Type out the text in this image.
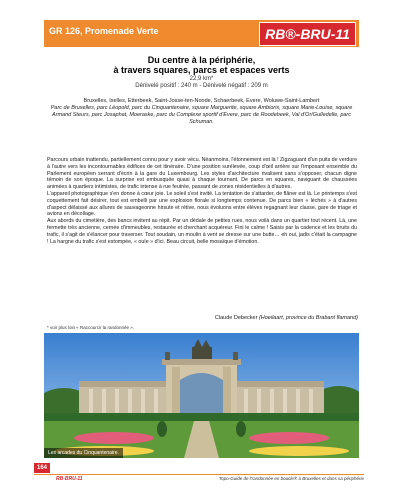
GR 126, Promenade Verte	RB®-BRU-11
Du centre à la périphérie,
à travers squares, parcs et espaces verts
22,9 km*
Dénivelé positif : 240 m - Dénivelé négatif : 209 m
Bruxelles, Ixelles, Etterbeek, Saint-Josse-ten-Noode, Schaerbeek, Evere, Woluwe-Saint-Lambert
Parc de Bruxelles, parc Léopold, parc du Cinquantenaire, square Marguerite, square Ambiorix, square Marie-Louise, square Armand Steurs, parc Josaphat, Moeraske, parc du Complexe sportif d'Evere, parc de Roodebeek, Val d'Or/Gulledelle, parc Schuman.

Parcours urbain inattendu, partiellement connu pour y avoir vécu. Néanmoins, l'étonnement est là ! Zigzaguant d'un puits de verdure à l'autre vers les incontournables édifices de cet itinéraire. D'une position surélevée, coup d'œil arrière sur l'imposant ensemble du Parlement européen serrant d'écrin à la gare du Luxembourg. Les styles d'architecture rivalisent sans s'opposer, chacun digne témoin de son époque. La surprise est embusquée quasi à chaque tournant. De parcs en squares, naviguant de chaussées animées à quartiers intimistes, de trafic intense à rue feutrée, passant de zones résidentielles à d'autres.

L'appareil photographique s'en donne à cœur joie. Le soleil s'est invité. La tentation de s'attarder, de flâner est là. Le printemps s'est coquettement fait désirer, tout est embelli par une explosion florale si longtemps contenue. De parcs bien « léchés » à d'autres d'aspect délaissé aux allures de sauvageonne hirsute et rétive, nous évoluons entre élèves regagnant leur classe, gare de triage et avions en décollage.

Aux abords du cimetière, des bancs invitent au répit. Par un dédale de petites rues, nous voilà dans un quartier tout récent. Là, une fermette très ancienne, cernée d'immeubles, restaurée et cherchant acquéreur. Fini le calme ! Saisis par la cadence et les bruits du trafic, il s'agit de s'élancer pour traverser. Tout soudain, un moulin à vent se dresse sur une butte… eh oui, jadis c'était la campagne ! La hargne du trafic s'est estompée, « ouïe » d'ici. Beau circuit, belle mosaïque d'émotion.

Claude Debecker (Hoeilaart, province du Brabant flamand)
* voir plus loin « Raccourcir la randonnée ».
Les arcades du Cinquantenaire.
164
RB-BRU-11	Topo-Guide de l'randonnée en boucle® à Bruxelles et dans sa périphérie
